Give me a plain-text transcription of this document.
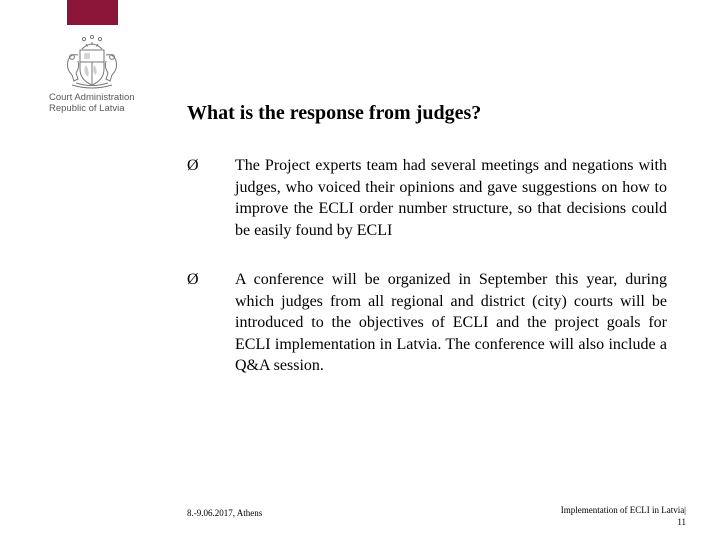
Court Administration
Republic of Latvia	What is the response from judges?
Ø The Project experts team had several meetings and negations with judges, who voiced their opinions and gave suggestions on how to improve the ECLI order number structure, so that decisions could be easily found by ECLI
Ø A conference will be organized in September this year, during which judges from all regional and district (city) courts will be introduced to the objectives of ECLI and the project goals for ECLI implementation in Latvia. The conference will also include a Q&A session.
8.-9.06.2017, Athens	Implementation of ECLI in Latvia|
11
